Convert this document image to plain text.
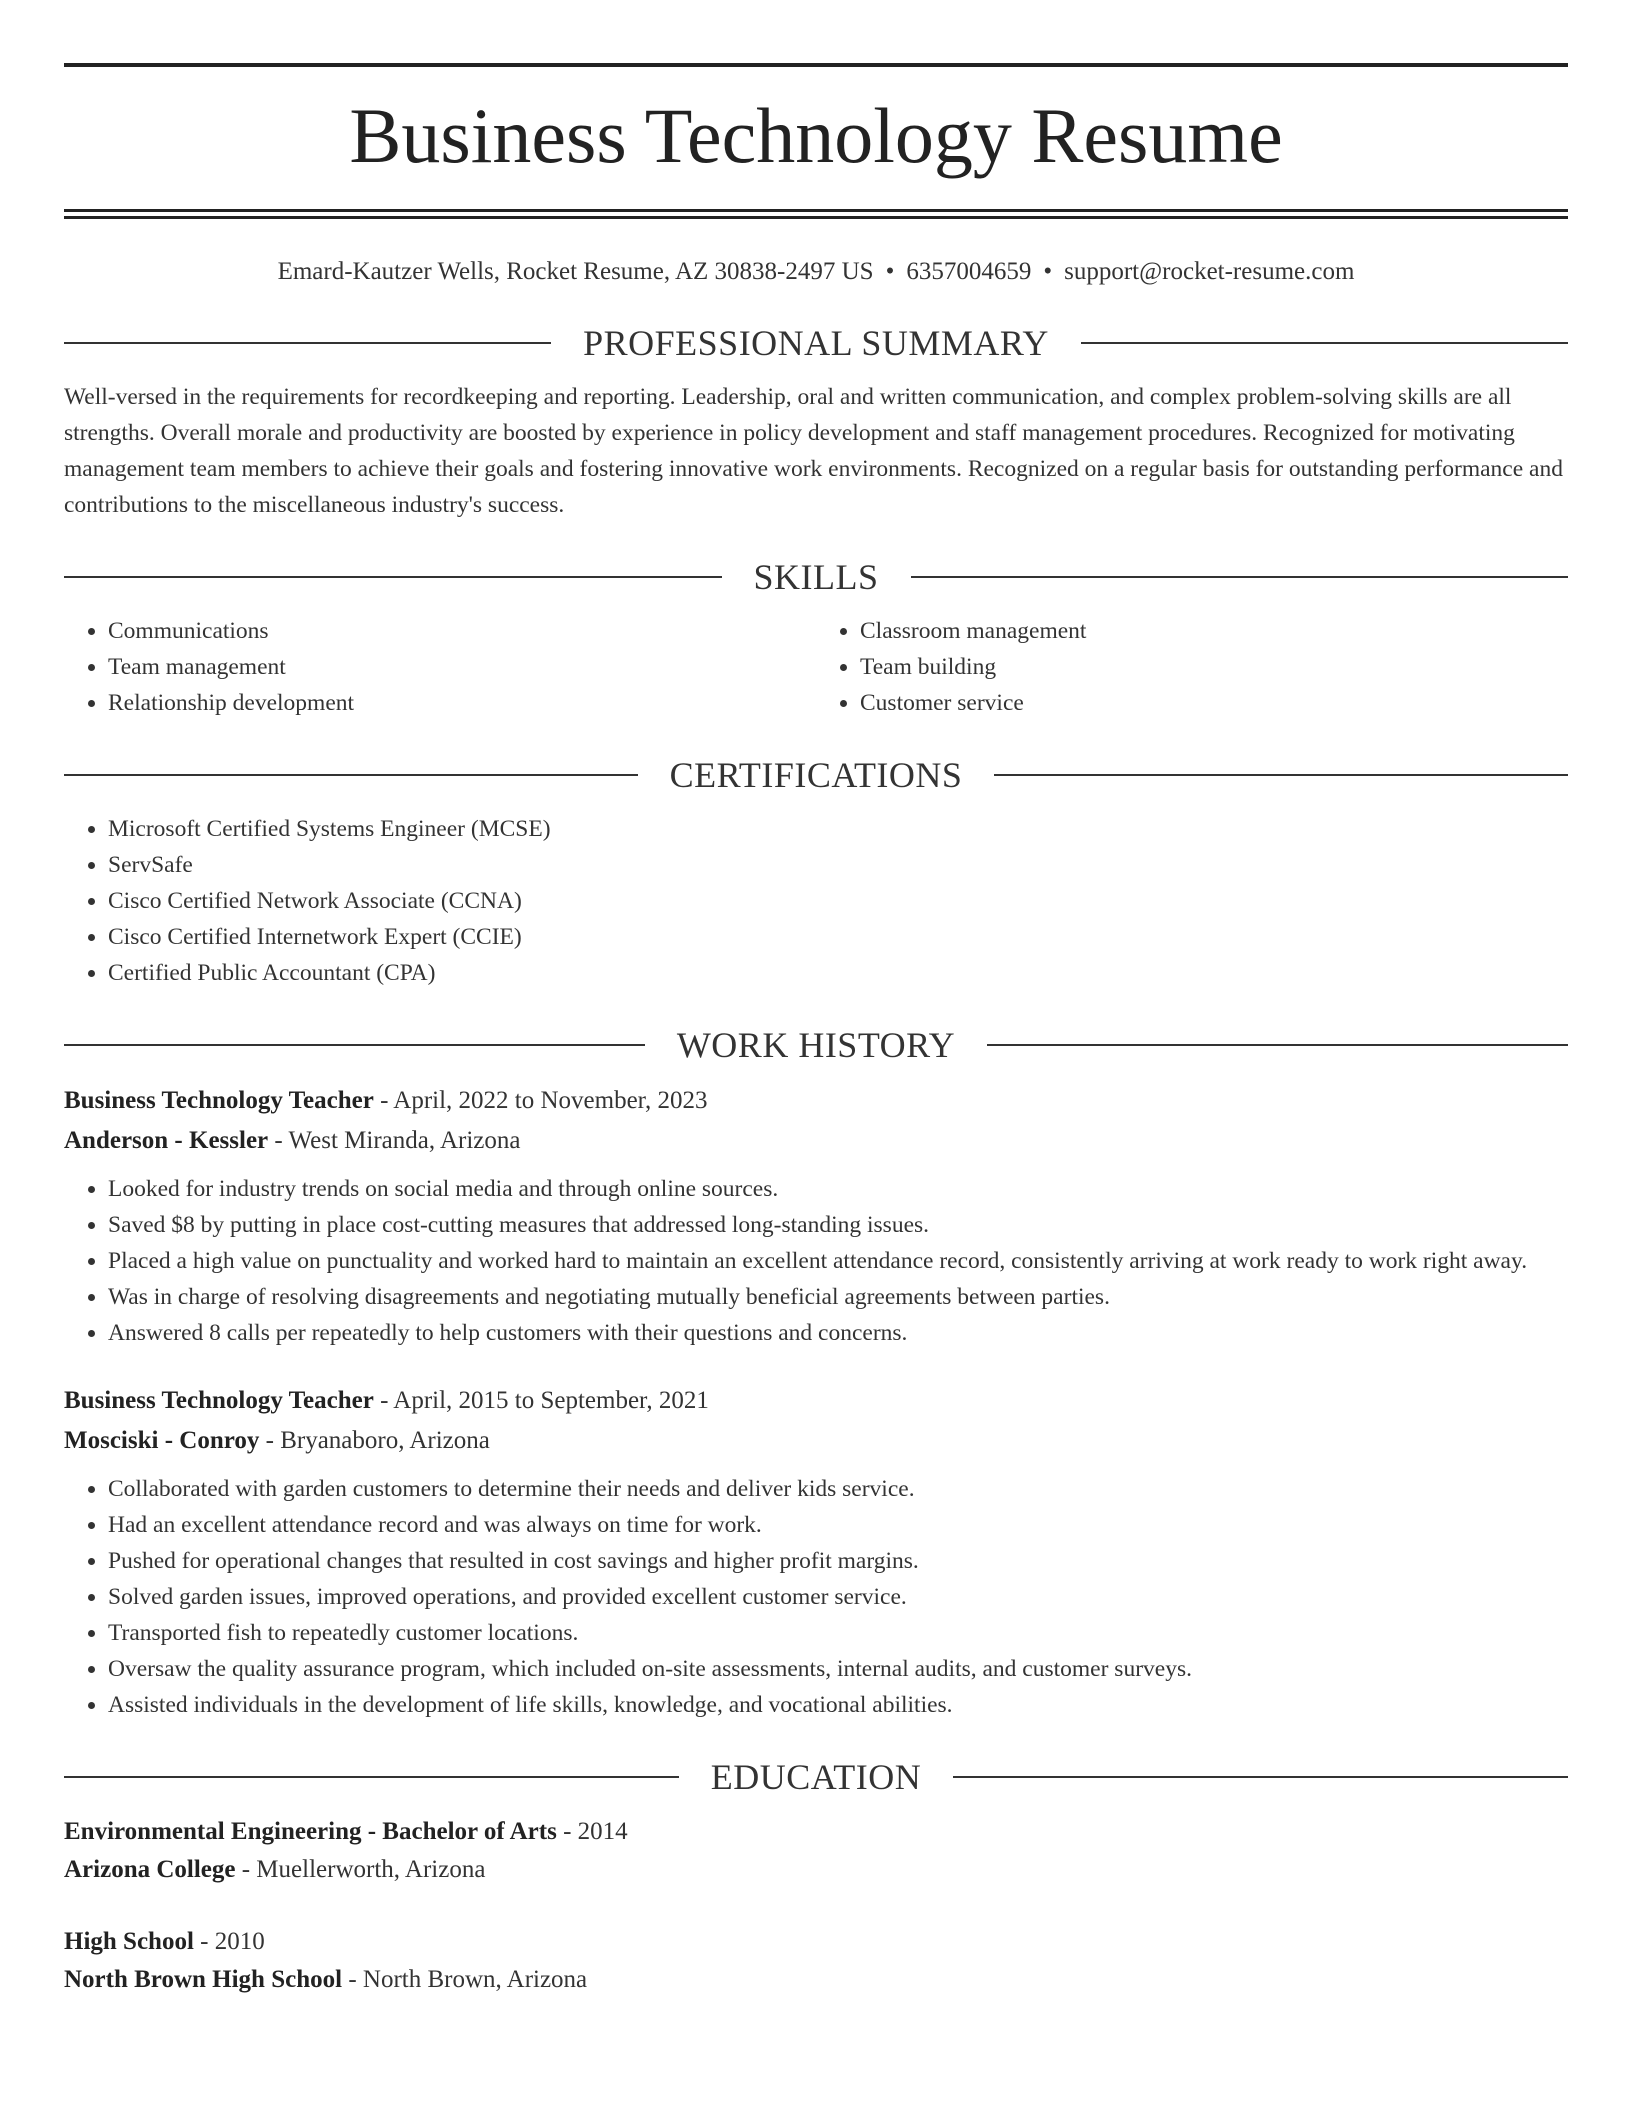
Business Technology Resume
Emard-Kautzer Wells, Rocket Resume, AZ 30838-2497 US • 6357004659 • support@rocket-resume.com
PROFESSIONAL SUMMARY

Well-versed in the requirements for recordkeeping and reporting. Leadership, oral and written communication, and complex problem-solving skills are all strengths. Overall morale and productivity are boosted by experience in policy development and staff management procedures. Recognized for motivating management team members to achieve their goals and fostering innovative work environments. Recognized on a regular basis for outstanding performance and contributions to the miscellaneous industry's success.

SKILLS
• Communications
• Team management
• Relationship development
• Classroom management
• Team building
• Customer service
CERTIFICATIONS
• Microsoft Certified Systems Engineer (MCSE)
• ServSafe
• Cisco Certified Network Associate (CCNA)
• Cisco Certified Internetwork Expert (CCIE)
• Certified Public Accountant (CPA)
WORK HISTORY
Business Technology Teacher - April, 2022 to November, 2023
Anderson - Kessler - West Miranda, Arizona
• Looked for industry trends on social media and through online sources.
• Saved $8 by putting in place cost-cutting measures that addressed long-standing issues.
• Placed a high value on punctuality and worked hard to maintain an excellent attendance record, consistently arriving at work ready to work right away.
• Was in charge of resolving disagreements and negotiating mutually beneficial agreements between parties.
• Answered 8 calls per repeatedly to help customers with their questions and concerns.
Business Technology Teacher - April, 2015 to September, 2021
Mosciski - Conroy - Bryanaboro, Arizona
• Collaborated with garden customers to determine their needs and deliver kids service.
• Had an excellent attendance record and was always on time for work.
• Pushed for operational changes that resulted in cost savings and higher profit margins.
• Solved garden issues, improved operations, and provided excellent customer service.
• Transported fish to repeatedly customer locations.
• Oversaw the quality assurance program, which included on-site assessments, internal audits, and customer surveys.
• Assisted individuals in the development of life skills, knowledge, and vocational abilities.
EDUCATION
Environmental Engineering - Bachelor of Arts - 2014
Arizona College - Muellerworth, Arizona
High School - 2010
North Brown High School - North Brown, Arizona
